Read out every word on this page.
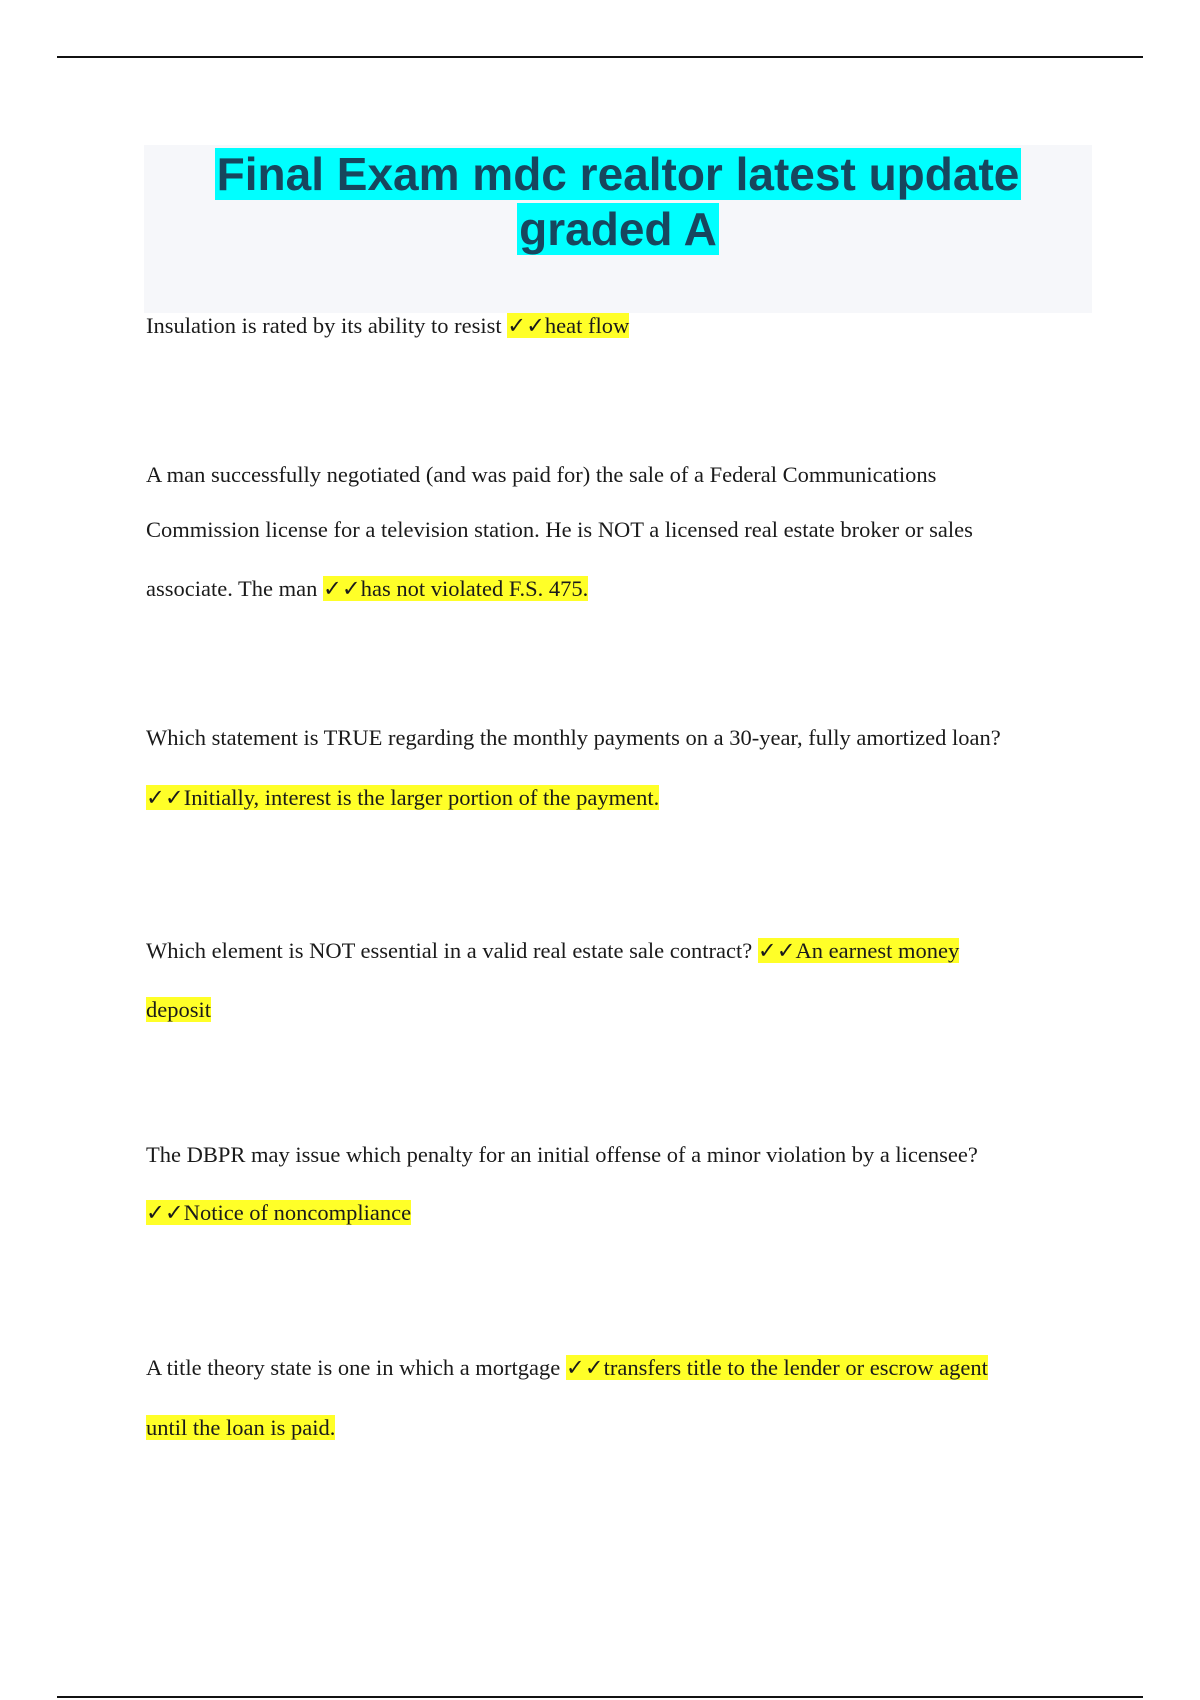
Final Exam mdc realtor latest update
graded A
Insulation is rated by its ability to resist ✓✓heat flow
A man successfully negotiated (and was paid for) the sale of a Federal Communications
Commission license for a television station. He is NOT a licensed real estate broker or sales
associate. The man ✓✓has not violated F.S. 475.
Which statement is TRUE regarding the monthly payments on a 30-year, fully amortized loan?
✓✓Initially, interest is the larger portion of the payment.
Which element is NOT essential in a valid real estate sale contract? ✓✓An earnest money
deposit
The DBPR may issue which penalty for an initial offense of a minor violation by a licensee?
✓✓Notice of noncompliance
A title theory state is one in which a mortgage ✓✓transfers title to the lender or escrow agent
until the loan is paid.
